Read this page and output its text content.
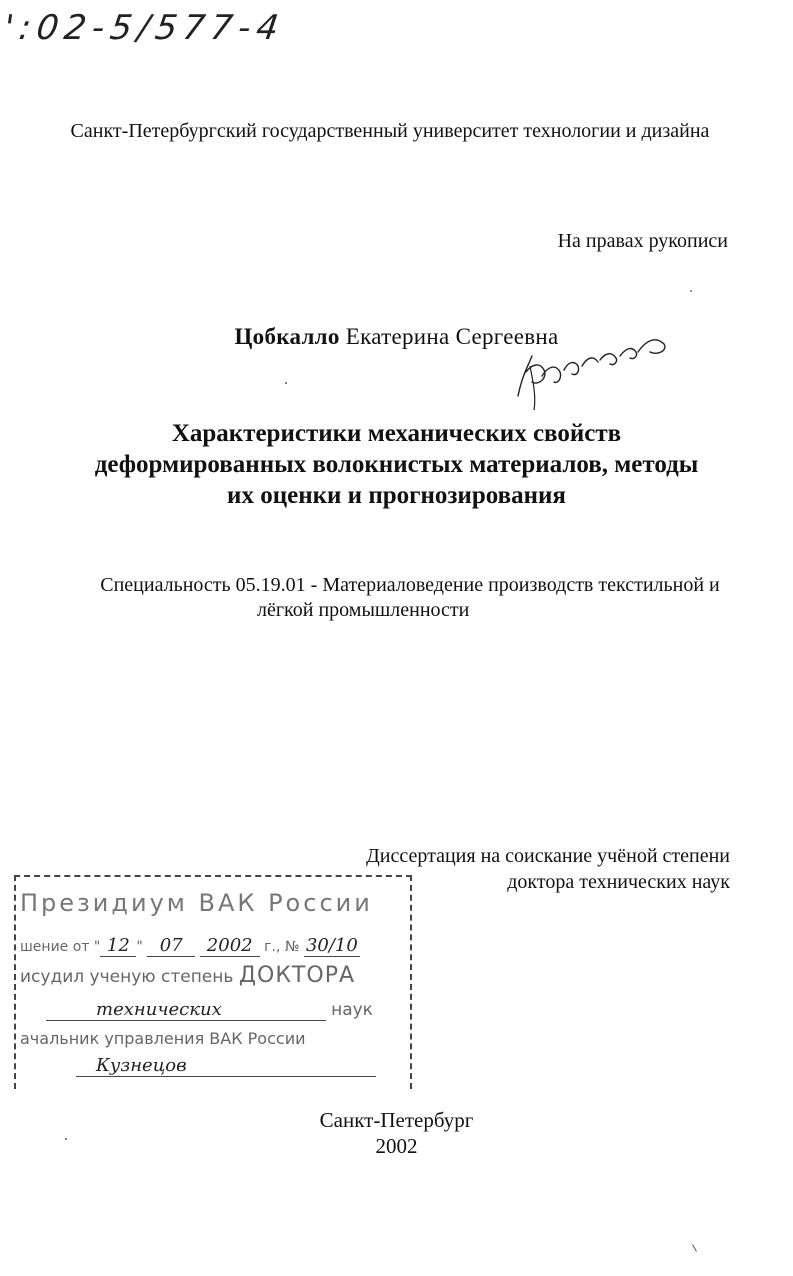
':02-5/577-4
Санкт-Петербургский государственный университет технологии и дизайна
На правах рукописи
Цобкалло Екатерина Сергеевна
Характеристики механических свойств
деформированных волокнистых материалов, методы
их оценки и прогнозирования
Специальность 05.19.01 - Материаловедение производств текстильной и
лёгкой промышленности
Диссертация на соискание учёной степени
доктора технических наук
Президиум ВАК России
шение от " 12 " 07 2002 г., № 30/10
исудил ученую степень ДОКТОРА
технических	наук
ачальник управления ВАК России
Кузнецов
Санкт-Петербург
2002
